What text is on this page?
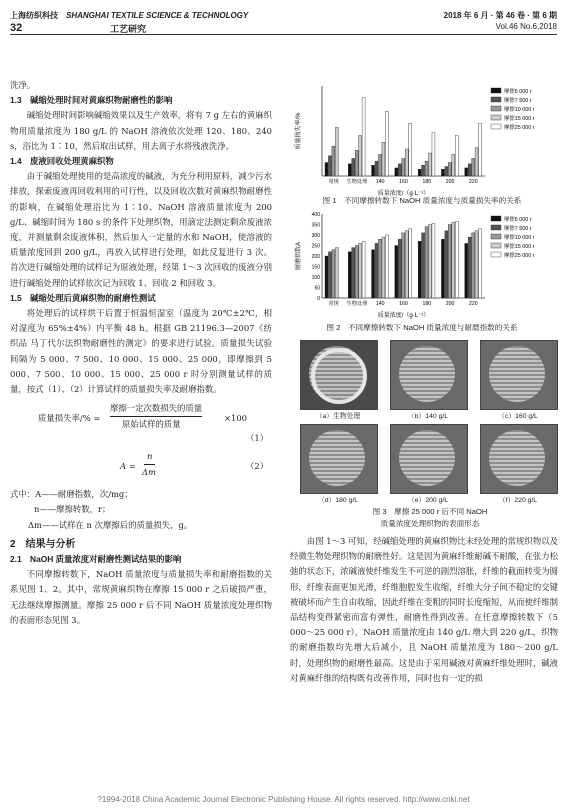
上海纺织科技　 SHANGHAI TEXTILE SCIENCE & TECHNOLOGY	2018 年 6 月 · 第 46 卷 · 第 6 期
32	工艺研究	Vol.46 No.6,2018

洗净。

1.3　碱缩处理时间对黄麻织物耐磨性的影响

碱缩处理时间影响碱缩效果以及生产效率，将有 7 g 左右的黄麻织物用质量浓度为 180 g/L 的 NaOH 溶液依次处理 120、180、240 s，浴比为 1∶10，然后取出试样，用去离子水将残液洗净。

1.4　废液回收处理黄麻织物

由于碱缩处理使用的是高浓度的碱液，为充分利用原料，减少污水排放，探索废液再回收利用的可行性，以及回收次数对黄麻织物耐磨性的影响，在碱缩处理浴比为 1∶10、NaOH 溶液质量浓度为 200 g/L、碱缩时间为 180 s 的条件下处理织物，用滴定法测定剩余废液浓度，并测量剩余废液体积，然后加入一定量的水和 NaOH，使溶液的质量浓度回到 200 g/L，再放入试样进行处理，如此反复进行 3 次。首次进行碱缩处理的试样记为原液处理，经第 1～3 次回收的废液分别进行碱缩处理的试样依次记为回收 1、回收 2 和回收 3。

1.5　碱缩处理后黄麻织物的耐磨性测试

将处理后的试样烘干后置于恒温恒湿室（温度为 20℃±2℃，相对湿度为 65%±4%）内平衡 48 h。根据 GB 21196.3—2007《纺织品 马丁代尔法织物耐磨性的测定》的要求进行试验。质量损失试验间隔为 5 000、7 500、10 000、15 000、25 000，即摩擦到 5 000、7 500、10 000、15 000、25 000 r 时分别测量试样的质量，按式（1）、（2）计算试样的质量损失率及耐磨指数。

质量损失率/% =
摩擦一定次数损失的质量
原始试样的质量
×100
（1）
A =
n
Δm
（2）
式中：A——耐磨指数，次/mg；
n——摩擦转数，r；
Δm——试样在 n 次摩擦后的质量损失，g。
2　结果与分析
2.1　NaOH 质量浓度对耐磨性测试结果的影响

不同摩擦转数下，NaOH 质量浓度与质量损失率和耐磨指数的关系见图 1、2。其中，常规黄麻织物在摩擦 15 000 r 之后破损严重，无法继续摩擦测量。摩擦 25 000 r 后不同 NaOH 质量浓度处理织物的表面形态见图 3。

质量损失率/%
常规 生物处理 140	160	180	200	220
质量浓度/（g·L⁻¹）
摩擦5 000 r
摩擦7 500 r
摩擦10 000 r
摩擦15 000 r
摩擦25 000 r
图 1　不同摩擦转数下 NaOH 质量浓度与质量损失率的关系
0
50
100
150
200
250
300
350
400
耐磨指数A
常规 生物处理 140	160	180	200	220
质量浓度/（g·L⁻¹）
摩擦5 000 r
摩擦7 500 r
摩擦10 000 r
摩擦15 000 r
摩擦25 000 r
图 2　不同摩擦转数下 NaOH 质量浓度与耐磨指数的关系
（a）生物处理	（b）140 g/L	（c）160 g/L
（d）180 g/L	（e）200 g/L	（f）220 g/L
图 3　摩擦 25 000 r 后不同 NaOH
质量浓度处理织物的表面形态

由图 1～3 可知，经碱缩处理的黄麻织物比未经处理的常规织物以及经微生物处理织物的耐磨性好。这是因为黄麻纤维耐碱不耐酸，在张力松弛的状态下，浓碱液使纤维发生不可逆的剧烈溶胀，纤维的截面转变为圆形，纤维表面更加光滑，纤维胞腔发生收缩，纤维大分子间不稳定的交键被破坏而产生自由收缩，因此纤维在变粗的同时长度缩短，从而使纤维制品结构变得紧密而富有弹性，耐磨性得到改善。在任意摩擦转数下（5 000～25 000 r），NaOH 质量浓度由 140 g/L 增大到 220 g/L，织物的耐磨指数均先增大后减小，且 NaOH 质量浓度为 180～200 g/L 时，处理织物的耐磨性最高。这是由于采用碱液对黄麻纤维处理时，碱液对黄麻纤维的结构既有改善作用，同时也有一定的损

?1994-2018 China Academic Journal Electronic Publishing House. All rights reserved. http://www.cnki.net
